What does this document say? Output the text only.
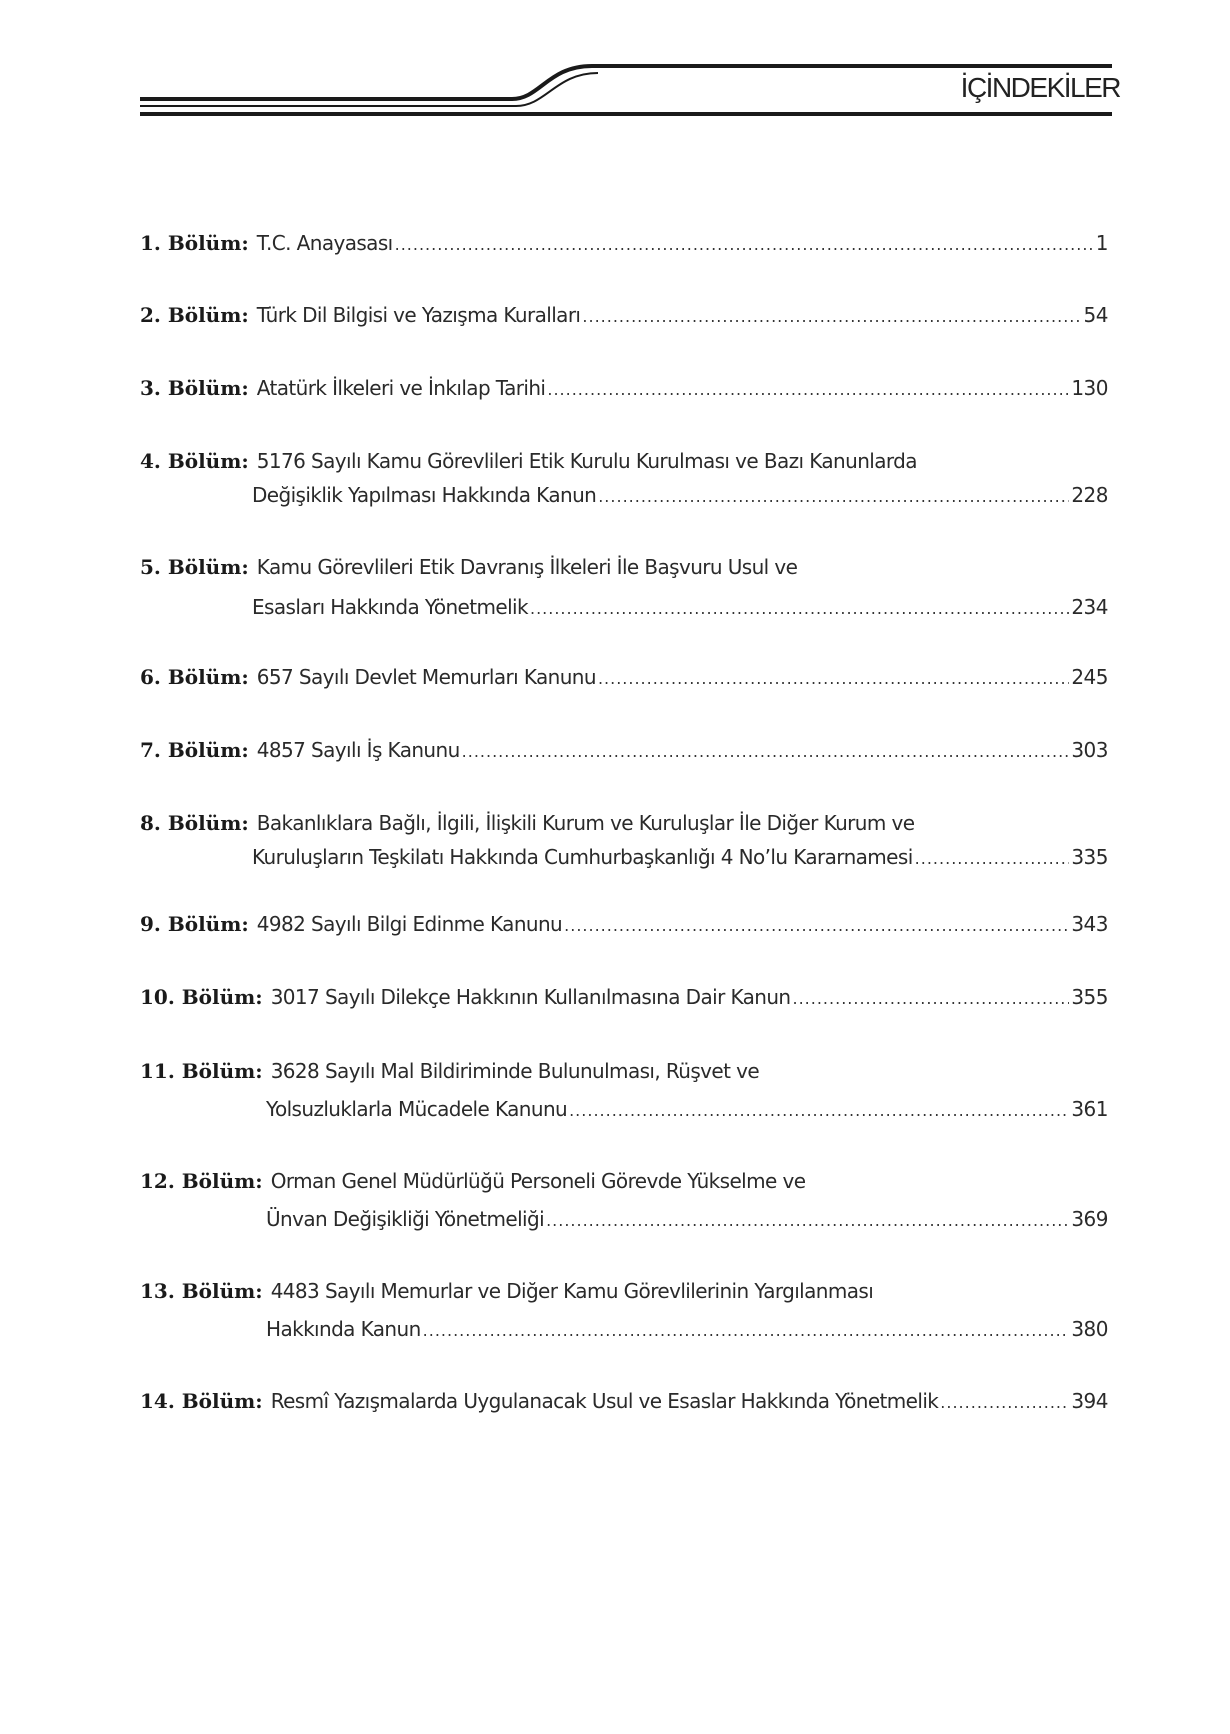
İÇİNDEKİLER
1. Bölüm: T.C. Anayasası .....	1
2. Bölüm: Türk Dil Bilgisi ve Yazışma Kuralları .....	54
3. Bölüm: Atatürk İlkeleri ve İnkılap Tarihi .....	130
4. Bölüm: 5176 Sayılı Kamu Görevlileri Etik Kurulu Kurulması ve Bazı Kanunlarda
Değişiklik Yapılması Hakkında Kanun .....	228
5. Bölüm: Kamu Görevlileri Etik Davranış İlkeleri İle Başvuru Usul ve
Esasları Hakkında Yönetmelik .....	234
6. Bölüm: 657 Sayılı Devlet Memurları Kanunu .....	245
7. Bölüm: 4857 Sayılı İş Kanunu .....	303
8. Bölüm: Bakanlıklara Bağlı, İlgili, İlişkili Kurum ve Kuruluşlar İle Diğer Kurum ve
Kuruluşların Teşkilatı Hakkında Cumhurbaşkanlığı 4 No’lu Kararnamesi .....	335
9. Bölüm: 4982 Sayılı Bilgi Edinme Kanunu .....	343
10. Bölüm: 3017 Sayılı Dilekçe Hakkının Kullanılmasına Dair Kanun .....	355
11. Bölüm: 3628 Sayılı Mal Bildiriminde Bulunulması, Rüşvet ve
Yolsuzluklarla Mücadele Kanunu .....	361
12. Bölüm: Orman Genel Müdürlüğü Personeli Görevde Yükselme ve
Ünvan Değişikliği Yönetmeliği .....	369
13. Bölüm: 4483 Sayılı Memurlar ve Diğer Kamu Görevlilerinin Yargılanması
Hakkında Kanun .....	380
14. Bölüm: Resmî Yazışmalarda Uygulanacak Usul ve Esaslar Hakkında Yönetmelik .....	394
